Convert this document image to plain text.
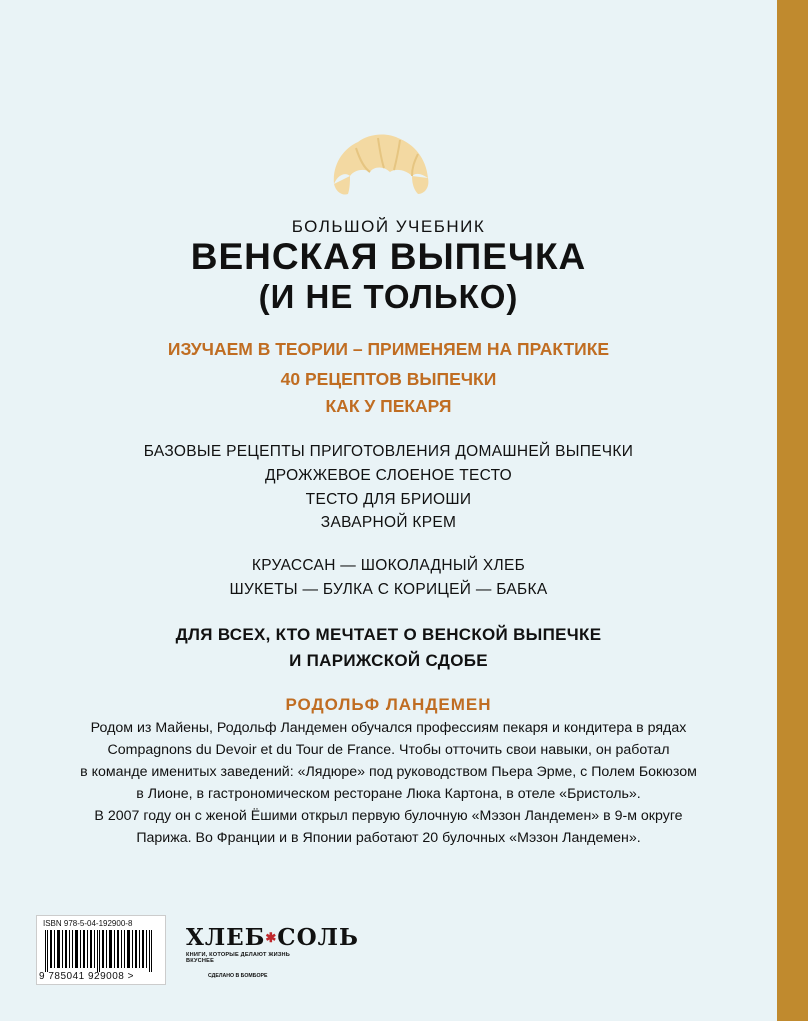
БОЛЬШОЙ УЧЕБНИК
ВЕНСКАЯ ВЫПЕЧКА
(И НЕ ТОЛЬКО)
ИЗУЧАЕМ В ТЕОРИИ – ПРИМЕНЯЕМ НА ПРАКТИКЕ
40 РЕЦЕПТОВ ВЫПЕЧКИ
КАК У ПЕКАРЯ
БАЗОВЫЕ РЕЦЕПТЫ ПРИГОТОВЛЕНИЯ ДОМАШНЕЙ ВЫПЕЧКИ
ДРОЖЖЕВОЕ СЛОЕНОЕ ТЕСТО
ТЕСТО ДЛЯ БРИОШИ
ЗАВАРНОЙ КРЕМ
КРУАССАН — ШОКОЛАДНЫЙ ХЛЕБ
ШУКЕТЫ — БУЛКА С КОРИЦЕЙ — БАБКА
ДЛЯ ВСЕХ, КТО МЕЧТАЕТ О ВЕНСКОЙ ВЫПЕЧКЕ
И ПАРИЖСКОЙ СДОБЕ
РОДОЛЬФ ЛАНДЕМЕН
Родом из Майены, Родольф Ландемен обучался профессиям пекаря и кондитера в рядах
Compagnons du Devoir et du Tour de France. Чтобы отточить свои навыки, он работал
в команде именитых заведений: «Лядюре» под руководством Пьера Эрме, с Полем Бокюзом
в Лионе, в гастрономическом ресторане Люка Картона, в отеле «Бристоль».
В 2007 году он с женой Ёшими открыл первую булочную «Мэзон Ландемен» в 9-м округе
Парижа. Во Франции и в Японии работают 20 булочных «Мэзон Ландемен».
ISBN 978-5-04-192900-8
9 785041 929008 >
ХЛЕБ✱СОЛЬ
КНИГИ, КОТОРЫЕ ДЕЛАЮТ ЖИЗНЬ ВКУСНЕЕ
СДЕЛАНО В БОМБОРЕ
